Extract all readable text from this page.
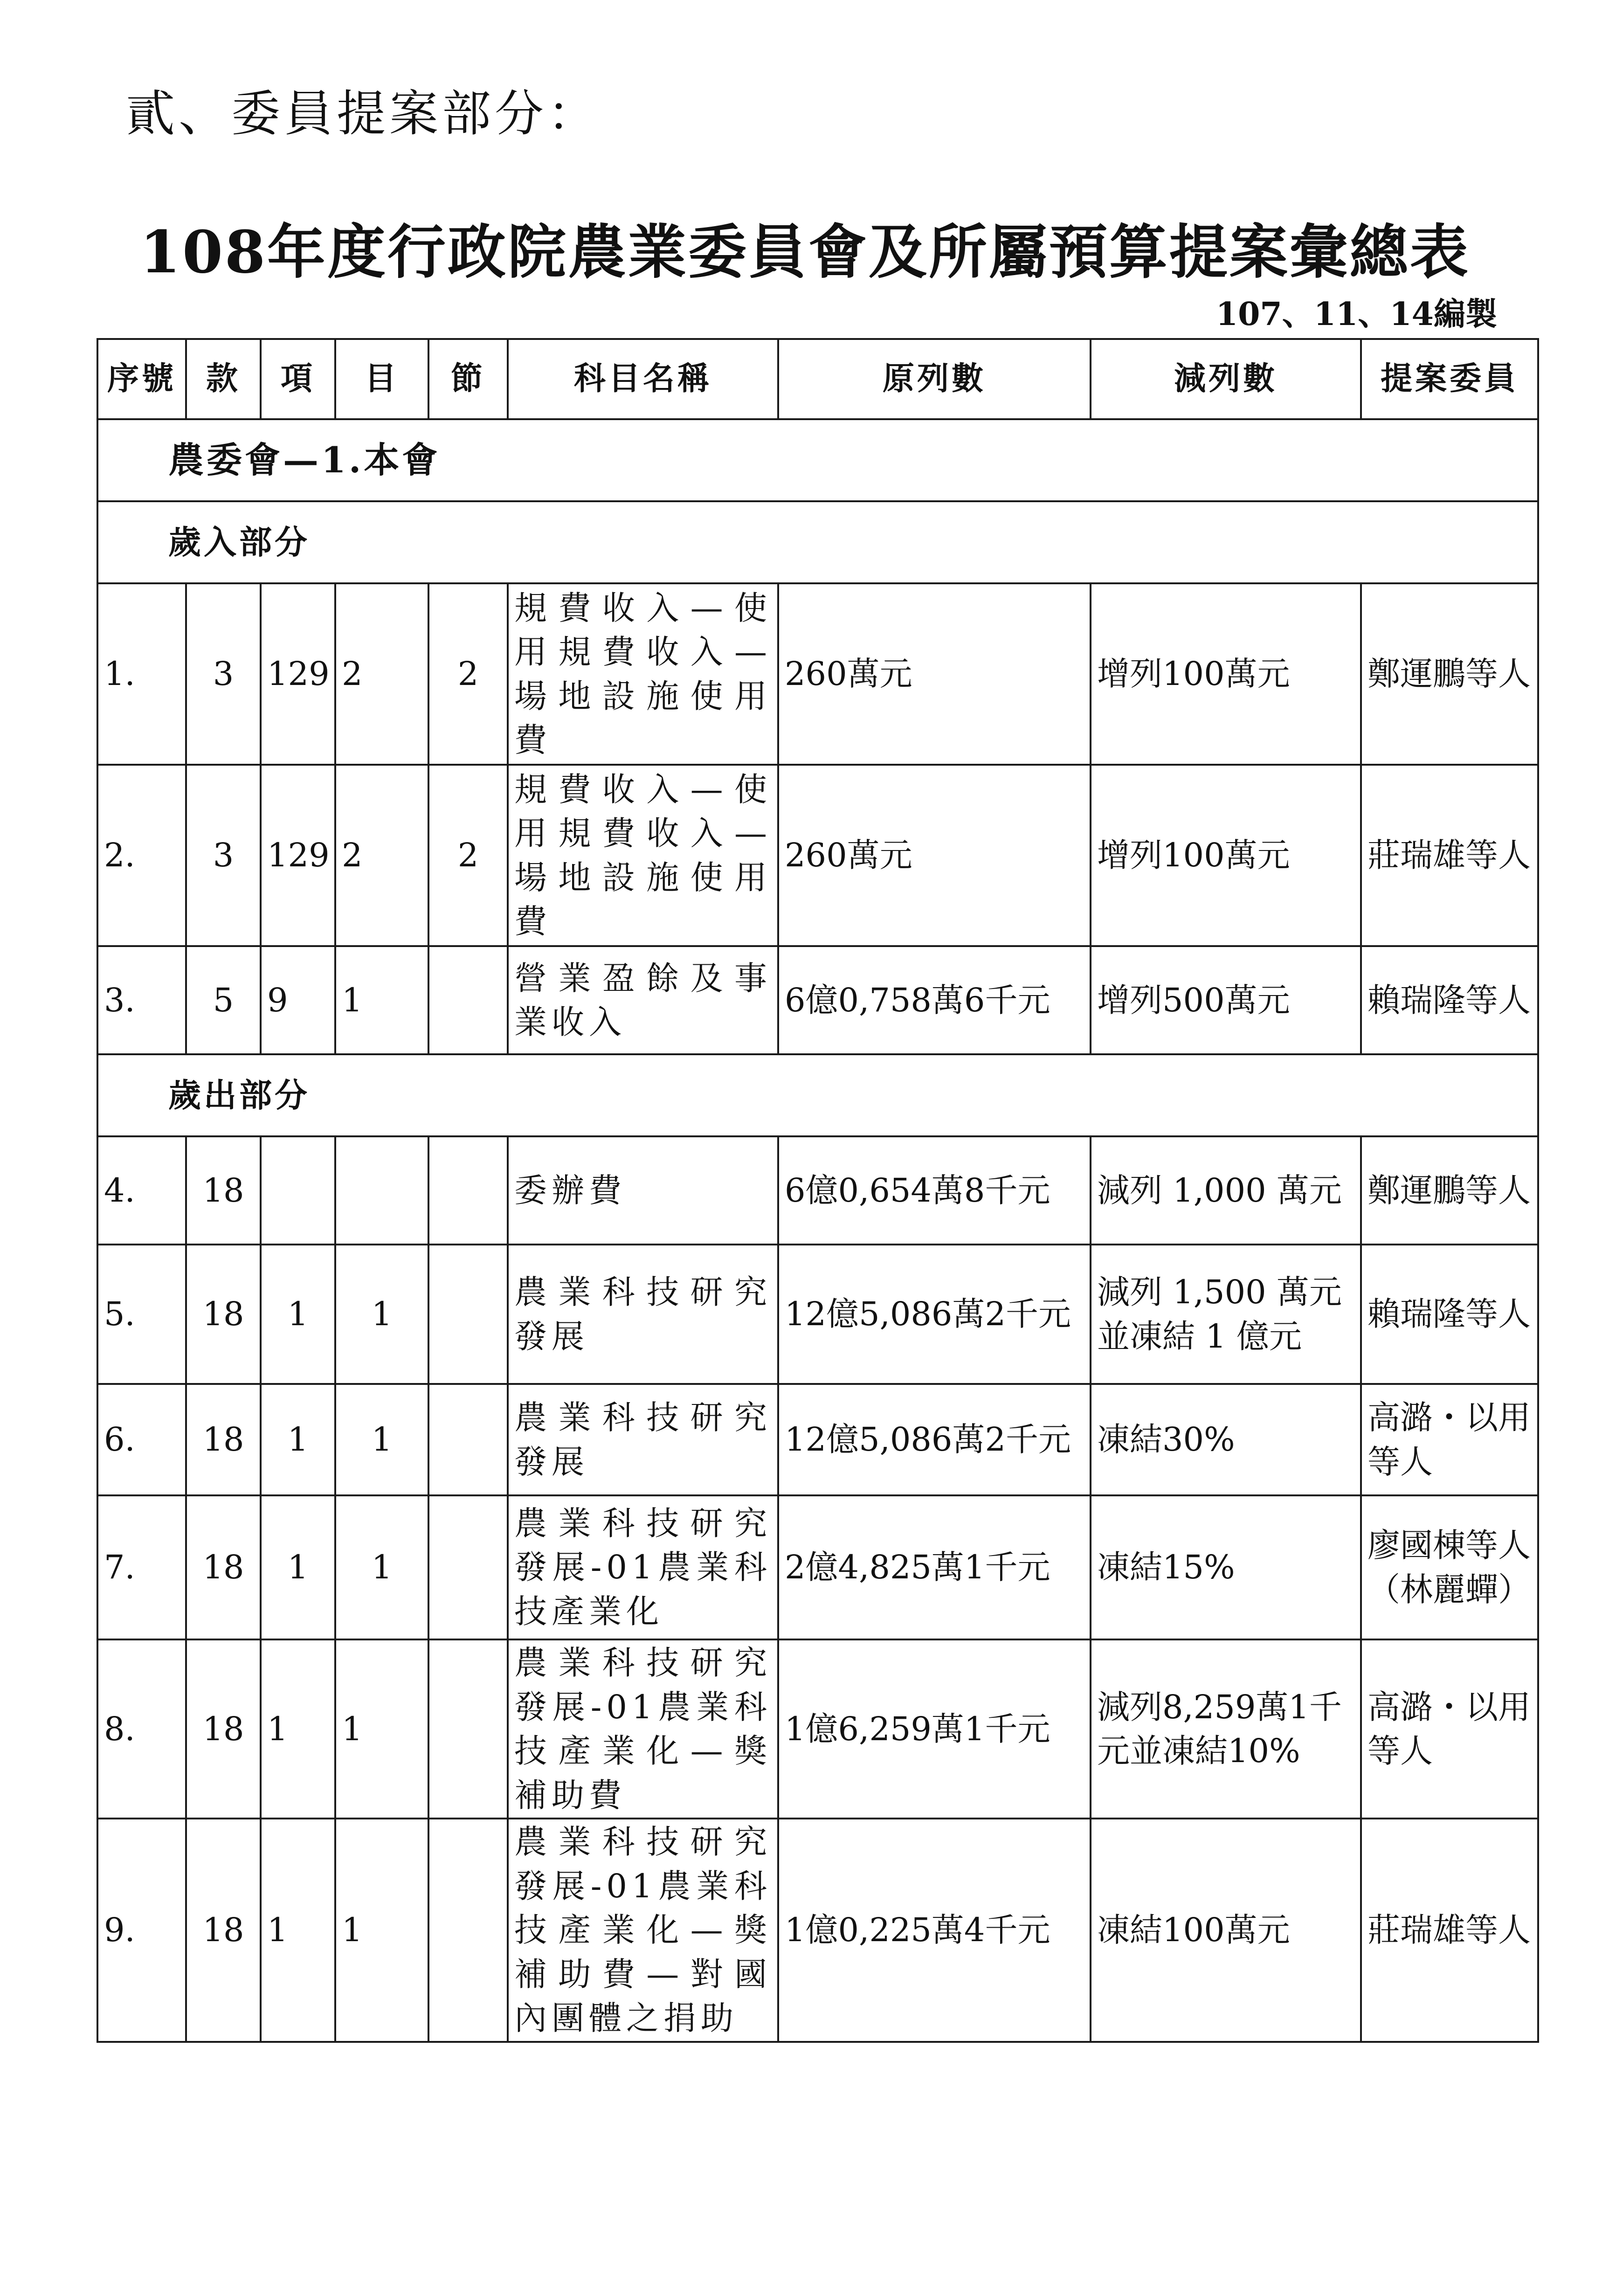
貳、委員提案部分：
108年度行政院農業委員會及所屬預算提案彙總表
107、11、14編製
序號	款	項	目	節	科目名稱	原列數	減列數	提案委員
農委會—1.本會								
歲入部分								
1.	3	129	2	2	規費收入—使用規費收入—場地設施使用費	260萬元	增列100萬元	鄭運鵬等人
2.	3	129	2	2	規費收入—使用規費收入—場地設施使用費	260萬元	增列100萬元	莊瑞雄等人
3.	5	9	1		營業盈餘及事業收入	6億0,758萬6千元	增列500萬元	賴瑞隆等人
歲出部分								
4.	18				委辦費	6億0,654萬8千元	減列 1,000 萬元	鄭運鵬等人
5.	18	1	1		農業科技研究發展	12億5,086萬2千元	減列 1,500 萬元並凍結 1 億元	賴瑞隆等人
6.	18	1	1		農業科技研究發展	12億5,086萬2千元	凍結30%	高潞・以用等人
7.	18	1	1		農業科技研究發展-01農業科技產業化	2億4,825萬1千元	凍結15%	廖國棟等人（林麗蟬）
8.	18	1	1		農業科技研究發展-01農業科技產業化—獎補助費	1億6,259萬1千元	減列8,259萬1千元並凍結10%	高潞・以用等人
9.	18	1	1		農業科技研究發展-01農業科技產業化—獎補助費—對國內團體之捐助	1億0,225萬4千元	凍結100萬元	莊瑞雄等人
